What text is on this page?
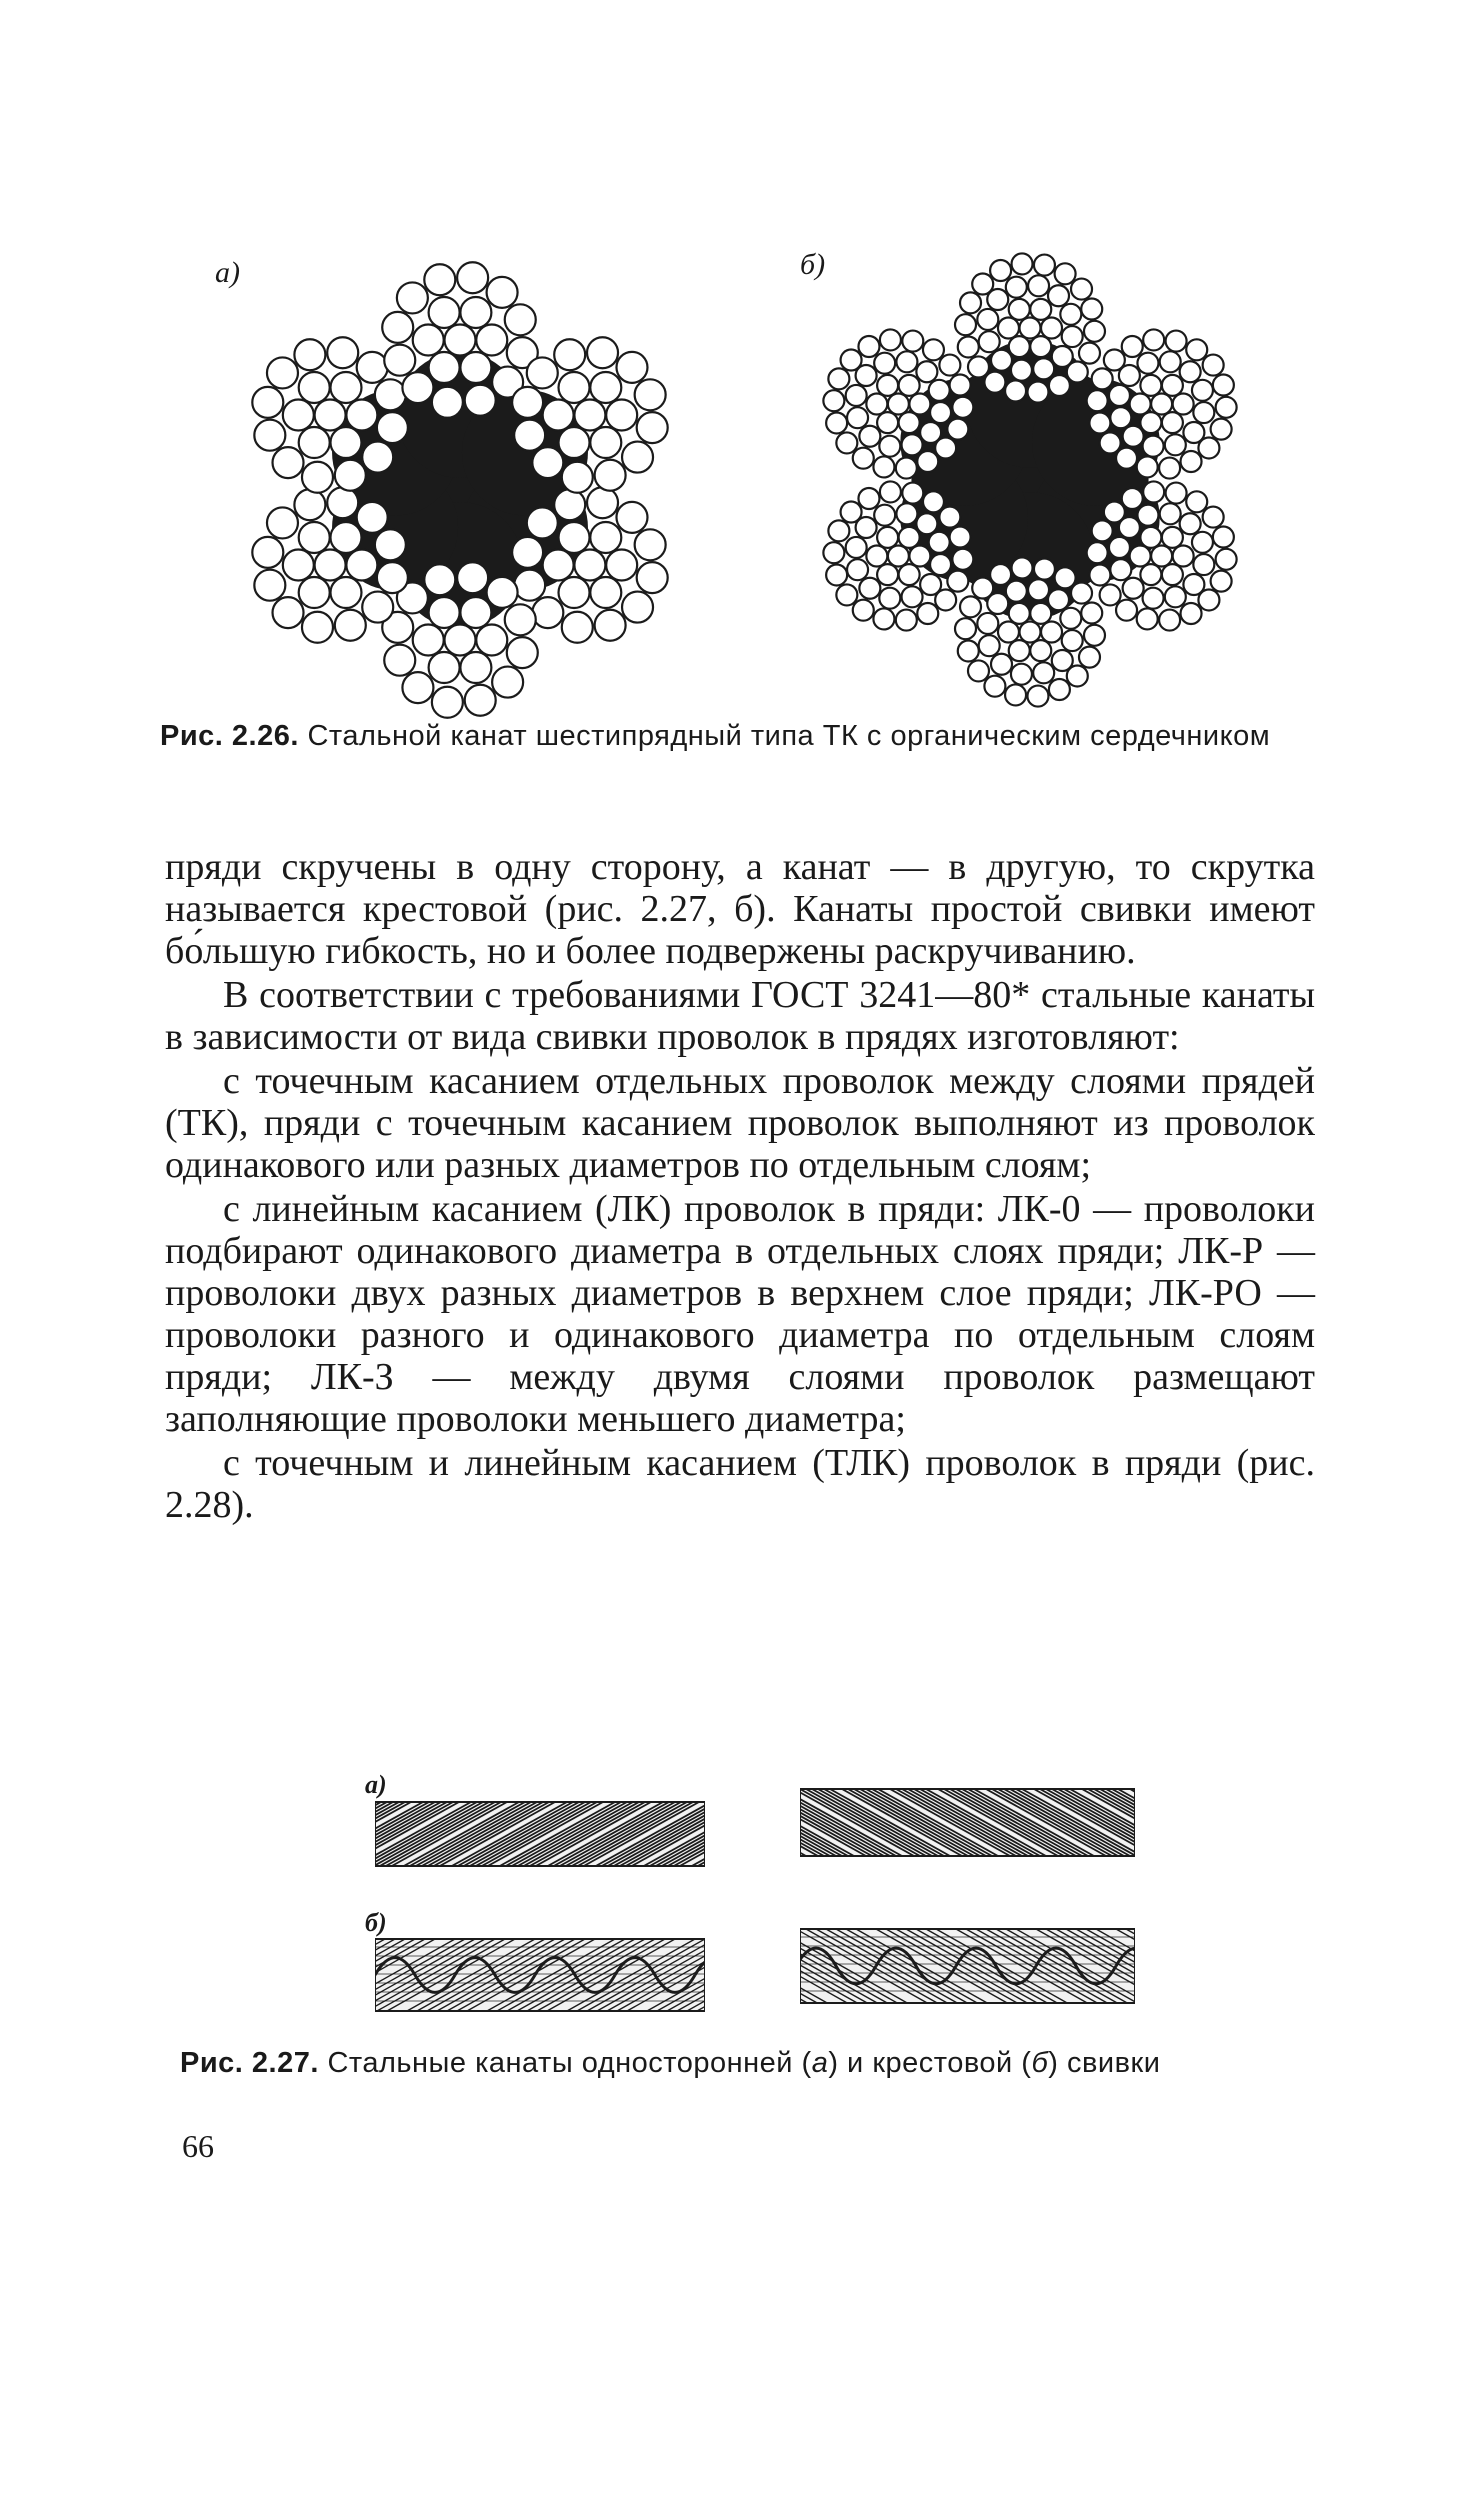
а)	б)
Рис. 2.26. Стальной канат шестипрядный типа ТК с органическим сердечником

пряди скручены в одну сторону, а канат — в другую, то скрутка называется крестовой (рис. 2.27, б). Канаты простой свивки имеют бо́льшую гибкость, но и более подвержены раскручиванию.

В соответствии с требованиями ГОСТ 3241—80* стальные канаты в зависимости от вида свивки проволок в прядях изготовляют:

с точечным касанием отдельных проволок между слоями прядей (ТК), пряди с точечным касанием проволок выполняют из проволок одинакового или разных диаметров по отдельным слоям;

с линейным касанием (ЛК) проволок в пряди: ЛК-0 — проволоки подбирают одинакового диаметра в отдельных слоях пряди; ЛК-Р — проволоки двух разных диаметров в верхнем слое пряди; ЛК-РО — проволоки разного и одинакового диаметра по отдельным слоям пряди; ЛК-З — между двумя слоями проволок размещают заполняющие проволоки меньшего диаметра;

с точечным и линейным касанием (ТЛК) проволок в пряди (рис. 2.28).

а)
б)
Рис. 2.27. Стальные канаты односторонней (а) и крестовой (б) свивки
66
